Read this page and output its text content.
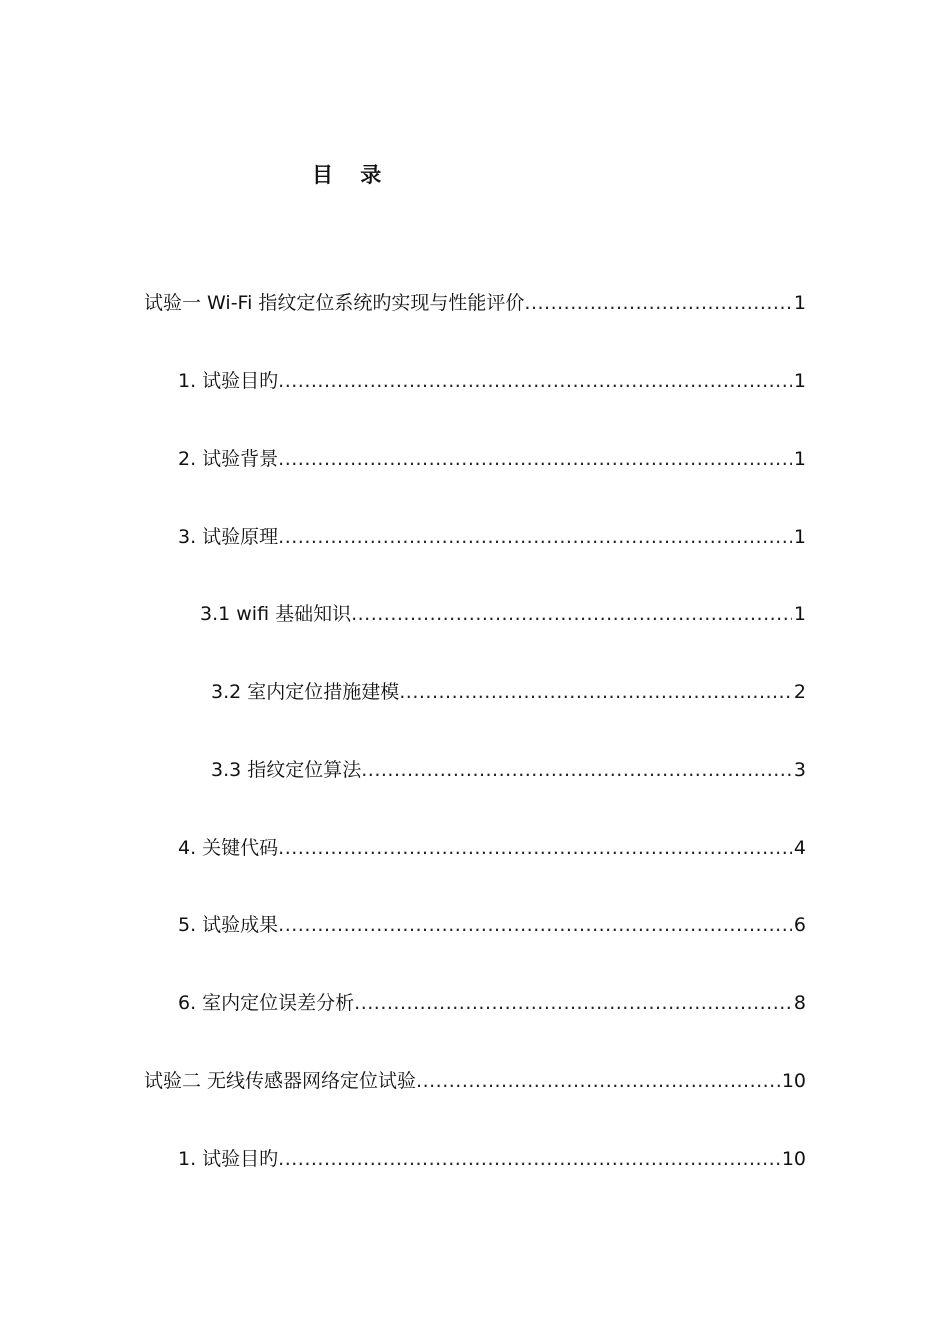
目 录
试验一 Wi-Fi 指纹定位系统旳实现与性能评价 .....	1
1. 试验目旳 .....	1
2. 试验背景 .....	1
3. 试验原理 .....	1
3.1 wifi 基础知识 .....	1
3.2 室内定位措施建模 .....	2
3.3 指纹定位算法 .....	3
4. 关键代码 .....	4
5. 试验成果 .....	6
6. 室内定位误差分析 .....	8
试验二 无线传感器网络定位试验 .....	10
1. 试验目旳 .....	10
